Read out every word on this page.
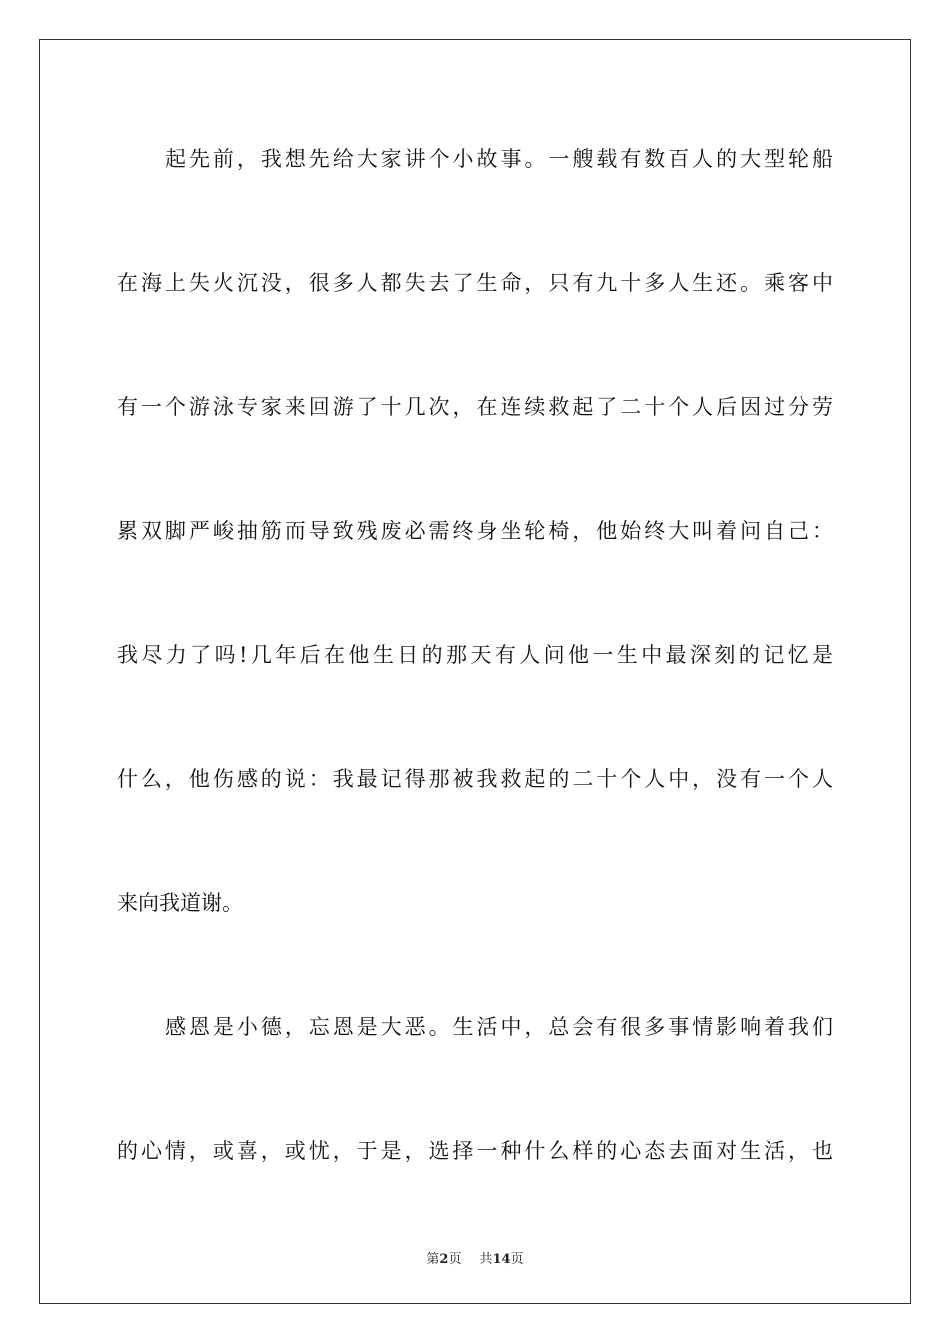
起先前，我想先给大家讲个小故事。一艘载有数百人的大型轮船
在海上失火沉没，很多人都失去了生命，只有九十多人生还。乘客中
有一个游泳专家来回游了十几次，在连续救起了二十个人后因过分劳
累双脚严峻抽筋而导致残废必需终身坐轮椅，他始终大叫着问自己：
我尽力了吗!几年后在他生日的那天有人问他一生中最深刻的记忆是
什么，他伤感的说：我最记得那被我救起的二十个人中，没有一个人
来向我道谢。
感恩是小德，忘恩是大恶。生活中，总会有很多事情影响着我们
的心情，或喜，或忧，于是，选择一种什么样的心态去面对生活，也
第2页 共14页
